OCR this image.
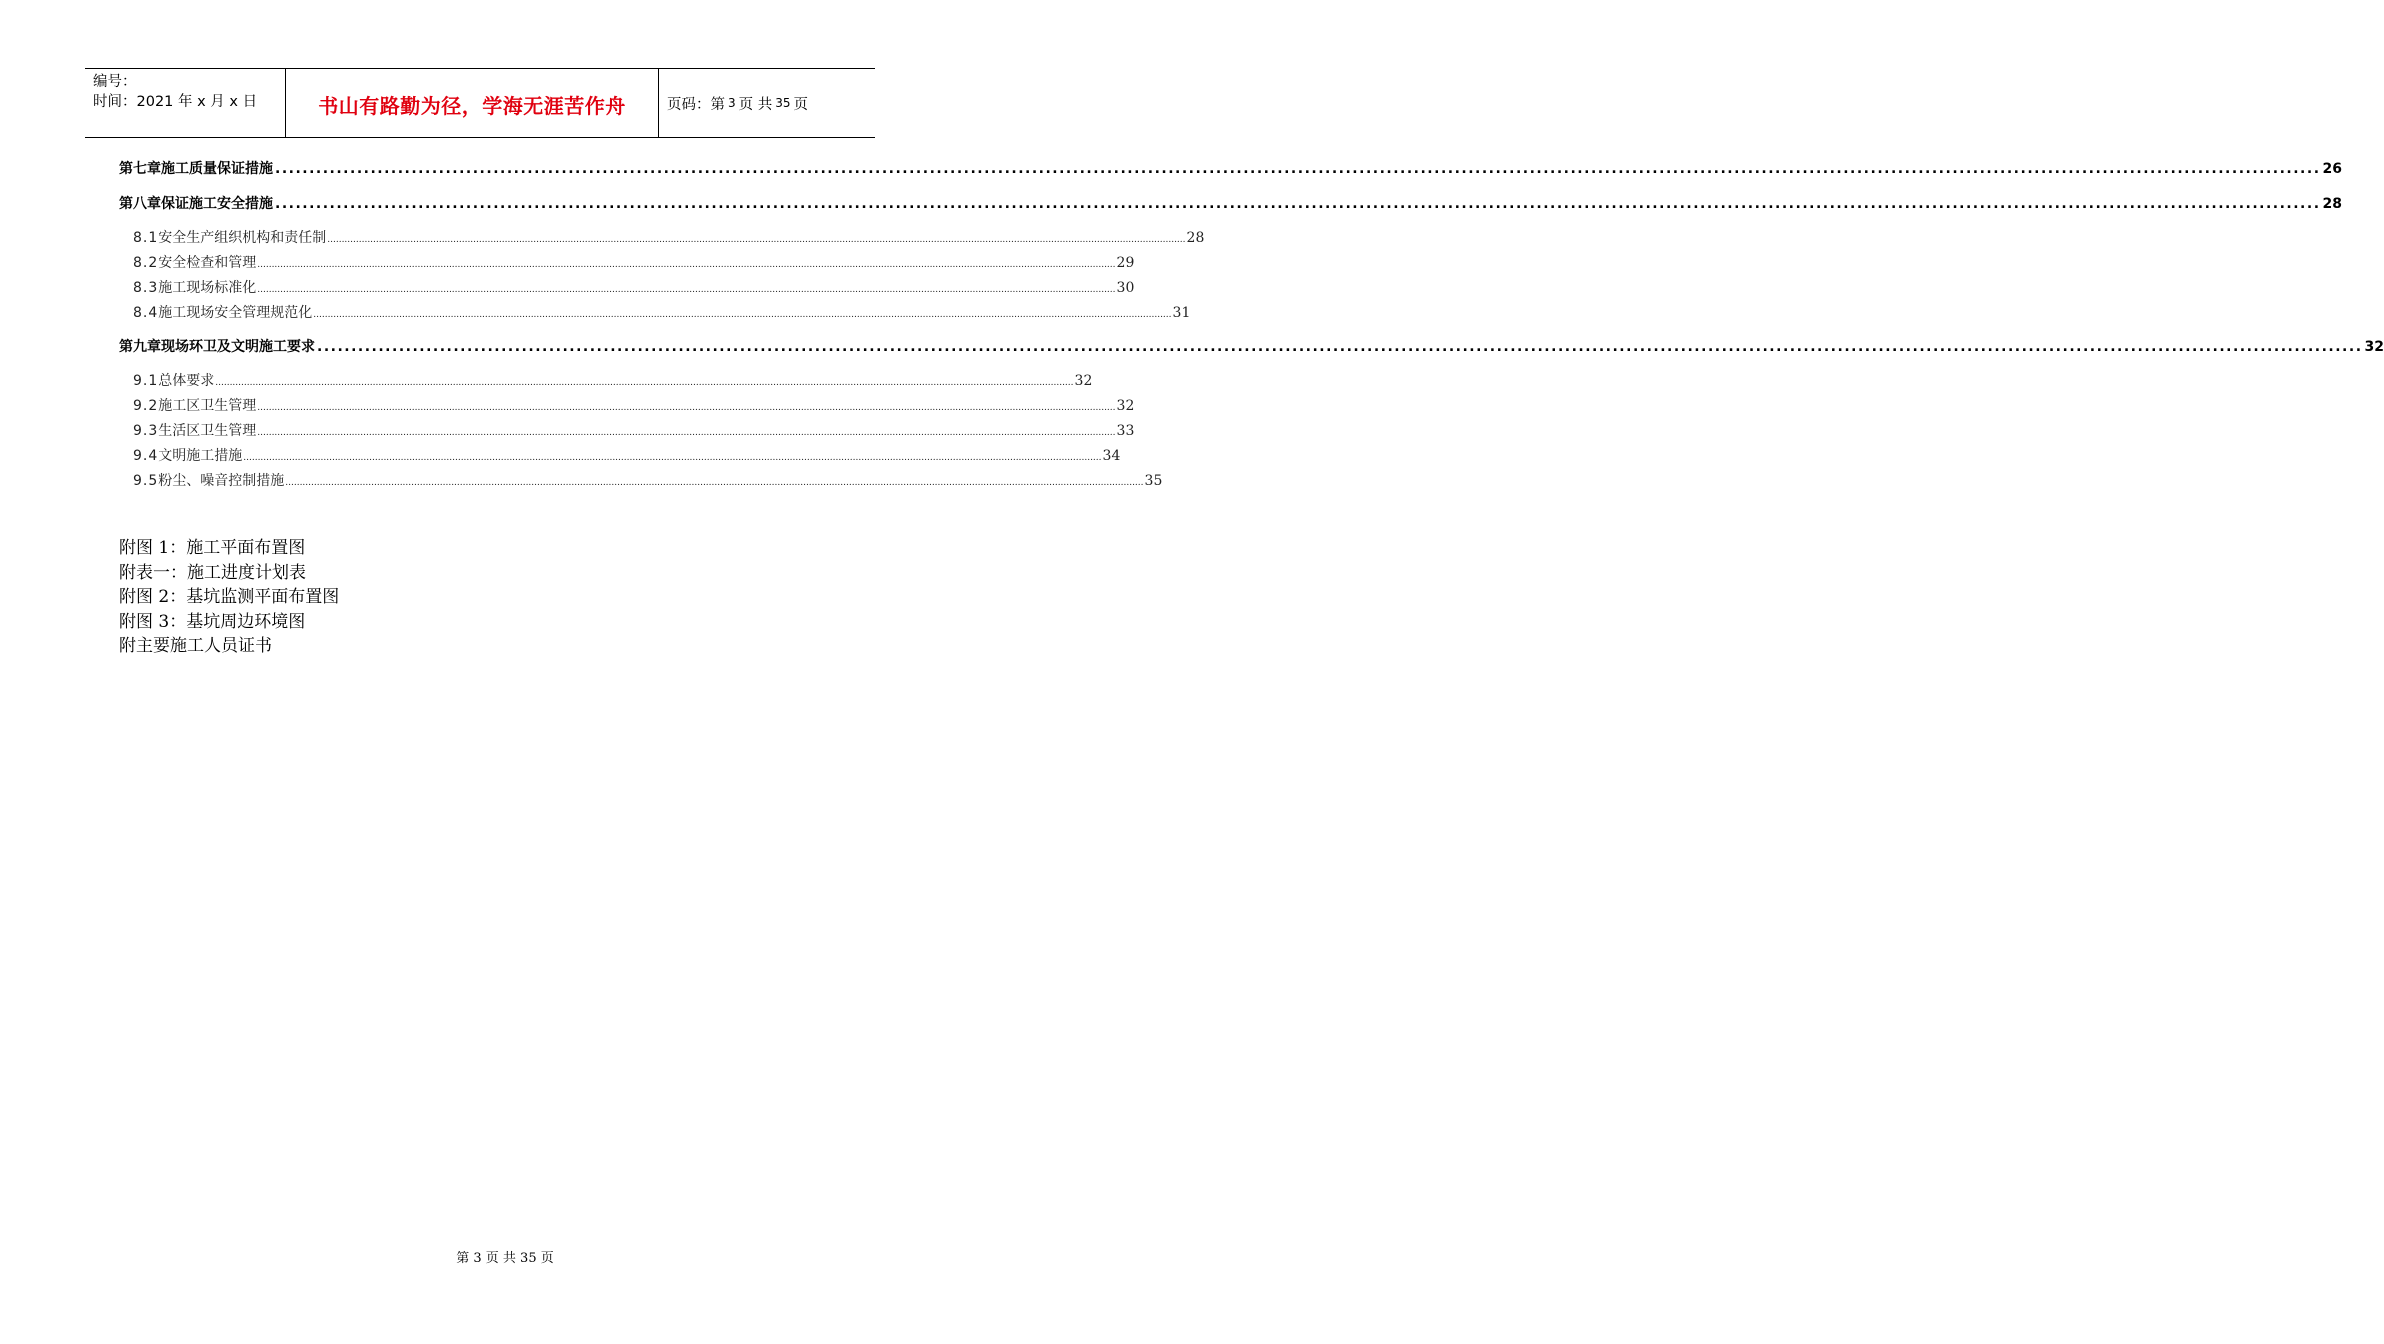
编号：
时间：2021 年 x 月 x 日	书山有路勤为径，学海无涯苦作舟	页码：第 3 页 共 35 页
第七章 施工质量保证措施 ............................................................................................................................................................................................................................................................................................................ 26
第八章 保证施工安全措施 ............................................................................................................................................................................................................................................................................................................ 28
8.1 安全生产组织机构和责任制 ............................................................................................................................................................................................................................................................................................................ 28
8.2 安全检查和管理 ............................................................................................................................................................................................................................................................................................................ 29
8.3 施工现场标准化 ............................................................................................................................................................................................................................................................................................................ 30
8.4 施工现场安全管理规范化 ............................................................................................................................................................................................................................................................................................................ 31
第九章 现场环卫及文明施工要求 ............................................................................................................................................................................................................................................................................................................ 32
9.1 总体要求 ............................................................................................................................................................................................................................................................................................................ 32
9.2 施工区卫生管理 ............................................................................................................................................................................................................................................................................................................ 32
9.3 生活区卫生管理 ............................................................................................................................................................................................................................................................................................................ 33
9.4 文明施工措施 ............................................................................................................................................................................................................................................................................................................ 34
9.5 粉尘、噪音控制措施 ............................................................................................................................................................................................................................................................................................................ 35
附图 1：施工平面布置图
附表一：施工进度计划表
附图 2：基坑监测平面布置图
附图 3：基坑周边环境图
附主要施工人员证书
第 3 页 共 35 页
